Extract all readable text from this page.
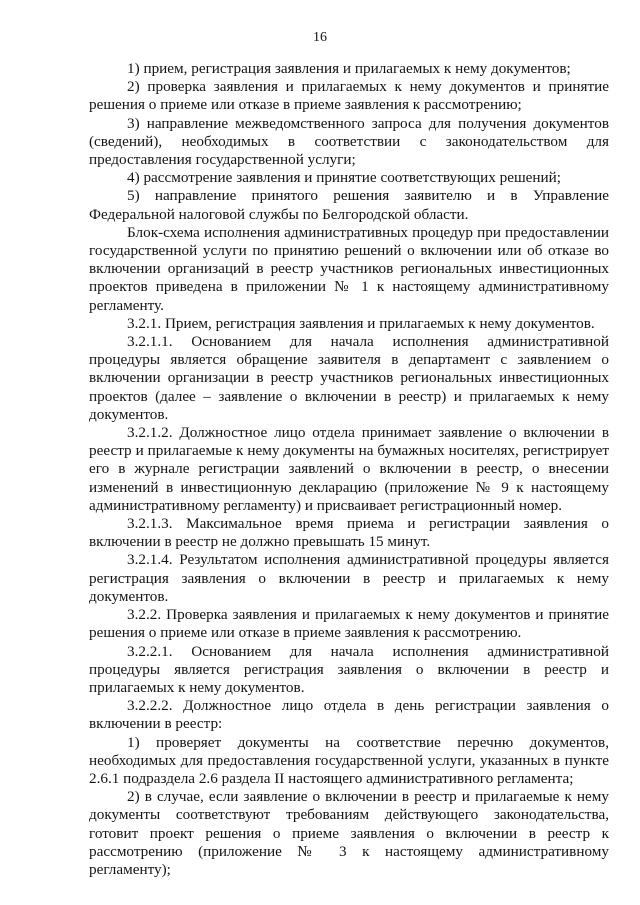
16

1) прием, регистрация заявления и прилагаемых к нему документов;

2) проверка заявления и прилагаемых к нему документов и принятие решения о приеме или отказе в приеме заявления к рассмотрению;

3) направление межведомственного запроса для получения документов (сведений), необходимых в соответствии с законодательством для предоставления государственной услуги;

4) рассмотрение заявления и принятие соответствующих решений;

5) направление принятого решения заявителю и в Управление Федеральной налоговой службы по Белгородской области.

Блок-схема исполнения административных процедур при предоставлении государственной услуги по принятию решений о включении или об отказе во включении организаций в реестр участников региональных инвестиционных проектов приведена в приложении № 1 к настоящему административному регламенту.

3.2.1. Прием, регистрация заявления и прилагаемых к нему документов.

3.2.1.1. Основанием для начала исполнения административной процедуры является обращение заявителя в департамент с заявлением о включении организации в реестр участников региональных инвестиционных проектов (далее – заявление о включении в реестр) и прилагаемых к нему документов.

3.2.1.2. Должностное лицо отдела принимает заявление о включении в реестр и прилагаемые к нему документы на бумажных носителях, регистрирует его в журнале регистрации заявлений о включении в реестр, о внесении изменений в инвестиционную декларацию (приложение № 9 к настоящему административному регламенту) и присваивает регистрационный номер.

3.2.1.3. Максимальное время приема и регистрации заявления о включении в реестр не должно превышать 15 минут.

3.2.1.4. Результатом исполнения административной процедуры является регистрация заявления о включении в реестр и прилагаемых к нему документов.

3.2.2. Проверка заявления и прилагаемых к нему документов и принятие решения о приеме или отказе в приеме заявления к рассмотрению.

3.2.2.1. Основанием для начала исполнения административной процедуры является регистрация заявления о включении в реестр и прилагаемых к нему документов.

3.2.2.2. Должностное лицо отдела в день регистрации заявления о включении в реестр:

1) проверяет документы на соответствие перечню документов, необходимых для предоставления государственной услуги, указанных в пункте 2.6.1 подраздела 2.6 раздела II настоящего административного регламента;

2) в случае, если заявление о включении в реестр и прилагаемые к нему документы соответствуют требованиям действующего законодательства, готовит проект решения о приеме заявления о включении в реестр к рассмотрению (приложение № 3 к настоящему административному регламенту);
